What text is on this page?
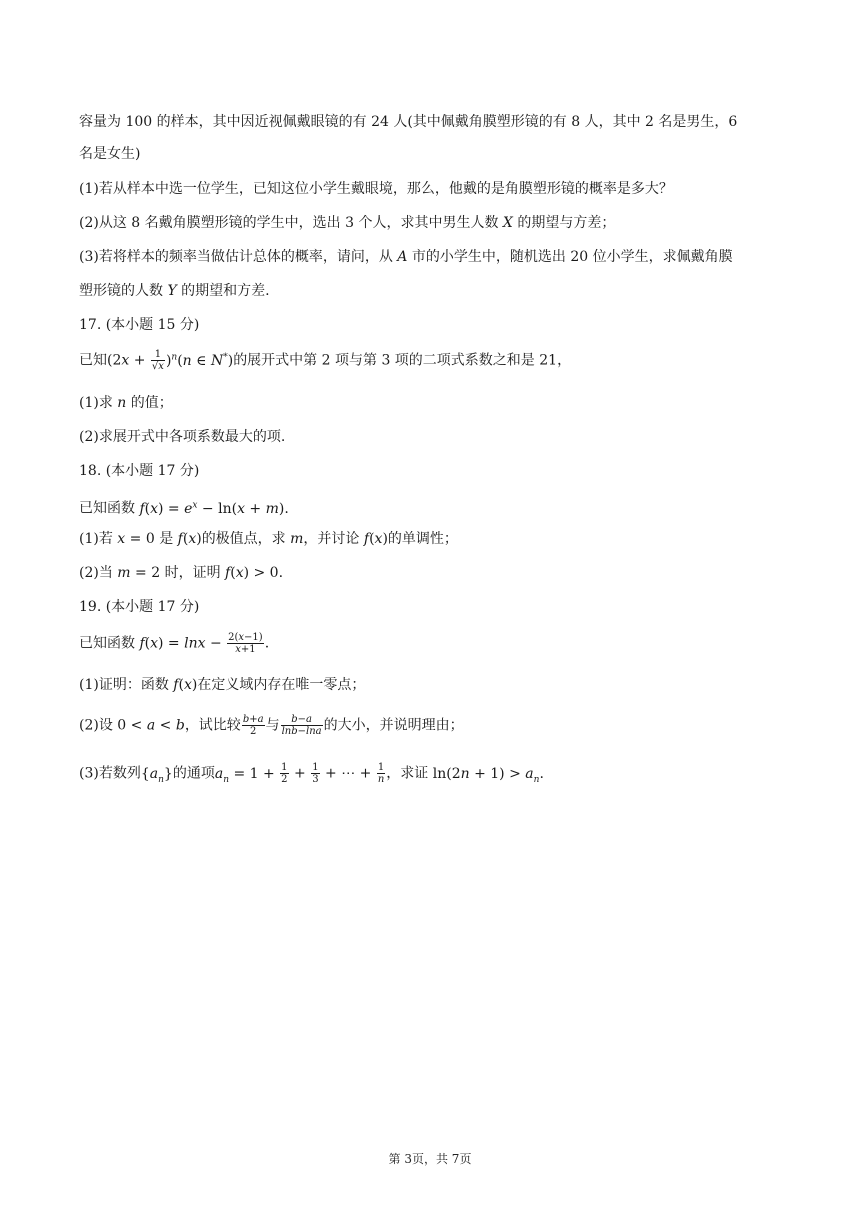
容量为 100 的样本，其中因近视佩戴眼镜的有 24 人(其中佩戴角膜塑形镜的有 8 人，其中 2 名是男生，6
名是女生)
(1)若从样本中选一位学生，已知这位小学生戴眼境，那么，他戴的是角膜塑形镜的概率是多大？
(2)从这 8 名戴角膜塑形镜的学生中，选出 3 个人，求其中男生人数 X 的期望与方差；
(3)若将样本的频率当做估计总体的概率，请问，从 A 市的小学生中，随机选出 20 位小学生，求佩戴角膜
塑形镜的人数 Y 的期望和方差.
17. (本小题 15 分)
已知$(2x + \frac{1}{√x} )^n(n$ ∈ N*)的展开式中第 2 项与第 3 项的二项式系数之和是 21，
(1)求 n 的值；
(2)求展开式中各项系数最大的项.
18. (本小题 17 分)
已知函数 $f(x) = e^x - \ln(x + m)$.
(1)若 x = 0 是 f(x)的极值点，求 m，并讨论 f(x)的单调性；
(2)当 m = 2 时，证明 f(x) > 0.
19. (本小题 17 分)
已知函数 $f(x) = \ln x - \frac{2(x-1)}{x+1}$ .
(1)证明：函数 f(x)在定义域内存在唯一零点；
(2)设 0 < a < b，试比较 $\frac{b+a}{2}$ 与 $\frac{b-a}{\ln b-\ln a}$ 的大小，并说明理由；
(3)若数列$\{a_n\}$的通项$a_n = 1 + \frac{1}{2} + \frac{1}{3}$ + ⋯ + $\frac{1}{n}$ ，求证 $\ln(2n + 1) > a_n$.
第 3页，共 7页
